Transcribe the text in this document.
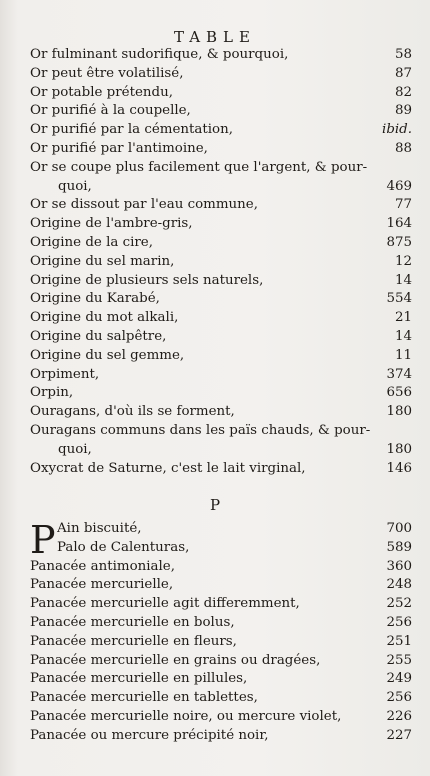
TABLE
Or fulminant sudorifique, & pourquoi,	58
Or peut être volatilisé,	87
Or potable prétendu,	82
Or purifié à la coupelle,	89
Or purifié par la cémentation,	ibid.
Or purifié par l'antimoine,	88
Or se coupe plus facilement que l'argent, & pour-
quoi,	469
Or se dissout par l'eau commune,	77
Origine de l'ambre-gris,	164
Origine de la cire,	875
Origine du sel marin,	12
Origine de plusieurs sels naturels,	14
Origine du Karabé,	554
Origine du mot alkali,	21
Origine du salpêtre,	14
Origine du sel gemme,	11
Orpiment,	374
Orpin,	656
Ouragans, d'où ils se forment,	180
Ouragans communs dans les païs chauds, & pour-
quoi,	180
Oxycrat de Saturne, c'est le lait virginal,	146
P
P Ain biscuité,	700
Palo de Calenturas,	589
Panacée antimoniale,	360
Panacée mercurielle,	248
Panacée mercurielle agit differemment,	252
Panacée mercurielle en bolus,	256
Panacée mercurielle en fleurs,	251
Panacée mercurielle en grains ou dragées,	255
Panacée mercurielle en pillules,	249
Panacée mercurielle en tablettes,	256
Panacée mercurielle noire, ou mercure violet,	226
Panacée ou mercure précipité noir,	227
